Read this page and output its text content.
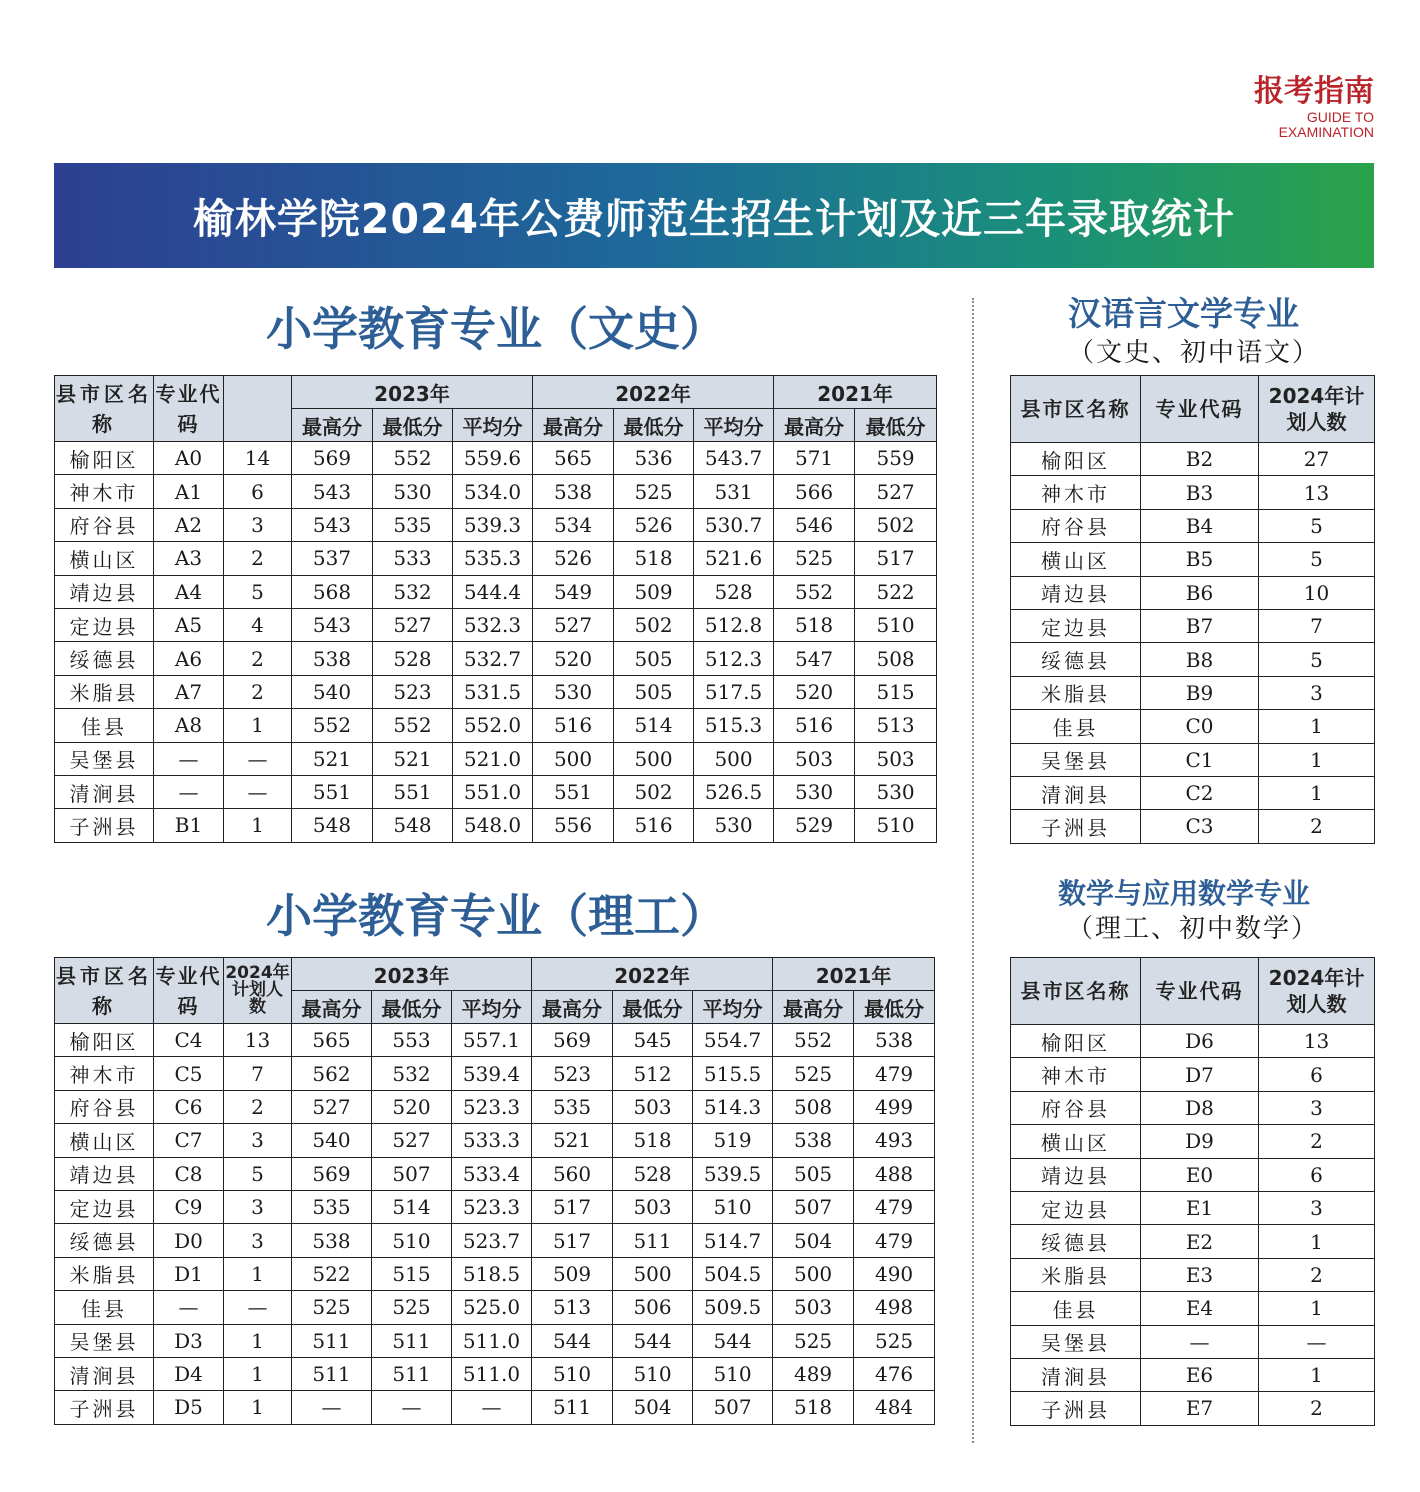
报考指南
GUIDE TO
EXAMINATION
榆林学院2024年公费师范生招生计划及近三年录取统计
小学教育专业（文史）
县市区名称	专业代码		2023年			2022年			2021年	
			最高分	最低分	平均分	最高分	最低分	平均分	最高分	最低分
榆阳区	A0	14	569	552	559.6	565	536	543.7	571	559
神木市	A1	6	543	530	534.0	538	525	531	566	527
府谷县	A2	3	543	535	539.3	534	526	530.7	546	502
横山区	A3	2	537	533	535.3	526	518	521.6	525	517
靖边县	A4	5	568	532	544.4	549	509	528	552	522
定边县	A5	4	543	527	532.3	527	502	512.8	518	510
绥德县	A6	2	538	528	532.7	520	505	512.3	547	508
米脂县	A7	2	540	523	531.5	530	505	517.5	520	515
佳县	A8	1	552	552	552.0	516	514	515.3	516	513
吴堡县	—	—	521	521	521.0	500	500	500	503	503
清涧县	—	—	551	551	551.0	551	502	526.5	530	530
子洲县	B1	1	548	548	548.0	556	516	530	529	510
小学教育专业（理工）
县市区名称	专业代码	2024年计划人数	2023年			2022年			2021年	
			最高分	最低分	平均分	最高分	最低分	平均分	最高分	最低分
榆阳区	C4	13	565	553	557.1	569	545	554.7	552	538
神木市	C5	7	562	532	539.4	523	512	515.5	525	479
府谷县	C6	2	527	520	523.3	535	503	514.3	508	499
横山区	C7	3	540	527	533.3	521	518	519	538	493
靖边县	C8	5	569	507	533.4	560	528	539.5	505	488
定边县	C9	3	535	514	523.3	517	503	510	507	479
绥德县	D0	3	538	510	523.7	517	511	514.7	504	479
米脂县	D1	1	522	515	518.5	509	500	504.5	500	490
佳县	—	—	525	525	525.0	513	506	509.5	503	498
吴堡县	D3	1	511	511	511.0	544	544	544	525	525
清涧县	D4	1	511	511	511.0	510	510	510	489	476
子洲县	D5	1	—	—	—	511	504	507	518	484
汉语言文学专业
（文史、初中语文）
县市区名称	专业代码	2024年计划人数
榆阳区	B2	27
神木市	B3	13
府谷县	B4	5
横山区	B5	5
靖边县	B6	10
定边县	B7	7
绥德县	B8	5
米脂县	B9	3
佳县	C0	1
吴堡县	C1	1
清涧县	C2	1
子洲县	C3	2
数学与应用数学专业
（理工、初中数学）
县市区名称	专业代码	2024年计划人数
榆阳区	D6	13
神木市	D7	6
府谷县	D8	3
横山区	D9	2
靖边县	E0	6
定边县	E1	3
绥德县	E2	1
米脂县	E3	2
佳县	E4	1
吴堡县	—	—
清涧县	E6	1
子洲县	E7	2
